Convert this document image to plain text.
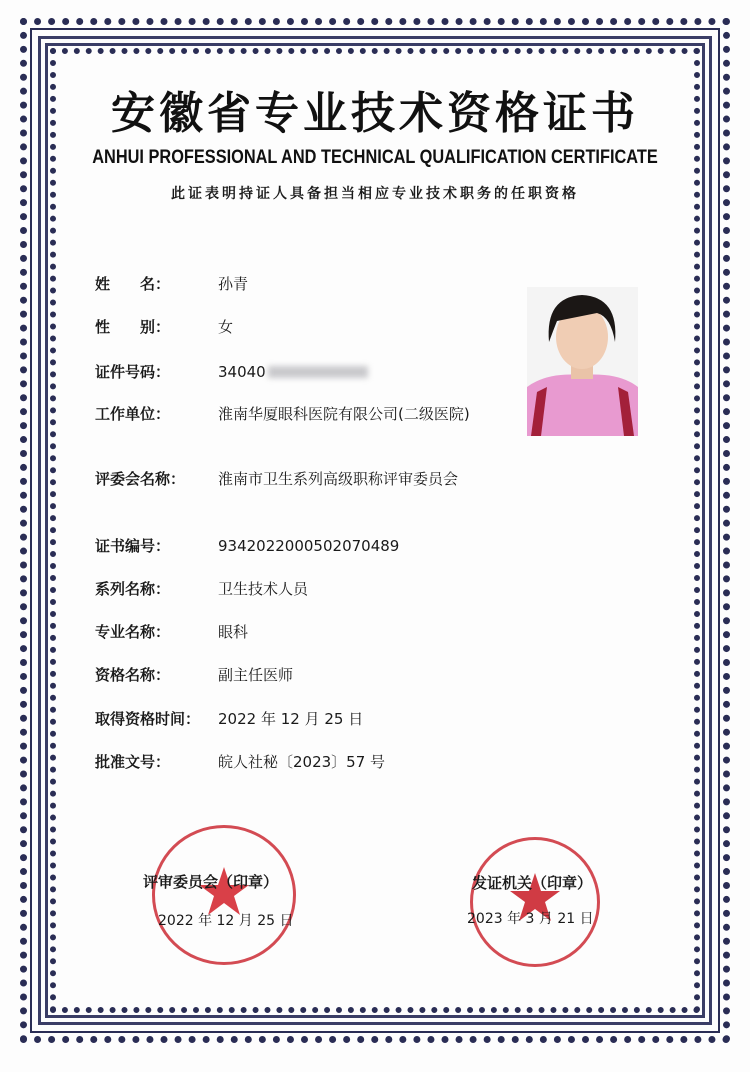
安徽省专业技术资格证书
ANHUI PROFESSIONAL AND TECHNICAL QUALIFICATION CERTIFICATE
此证表明持证人具备担当相应专业技术职务的任职资格
姓　　名：	孙青
性　　别：	女
证件号码：	34040
工作单位：	淮南华厦眼科医院有限公司(二级医院)
评委会名称：	淮南市卫生系列高级职称评审委员会
证书编号：	9342022000502070489
系列名称：	卫生技术人员
专业名称：	眼科
资格名称：	副主任医师
取得资格时间：	2022 年 12 月 25 日
批准文号：	皖人社秘〔2023〕57 号
评审委员会（印章）
2022 年 12 月 25 日
发证机关（印章）
2023 年 3 月 21 日
